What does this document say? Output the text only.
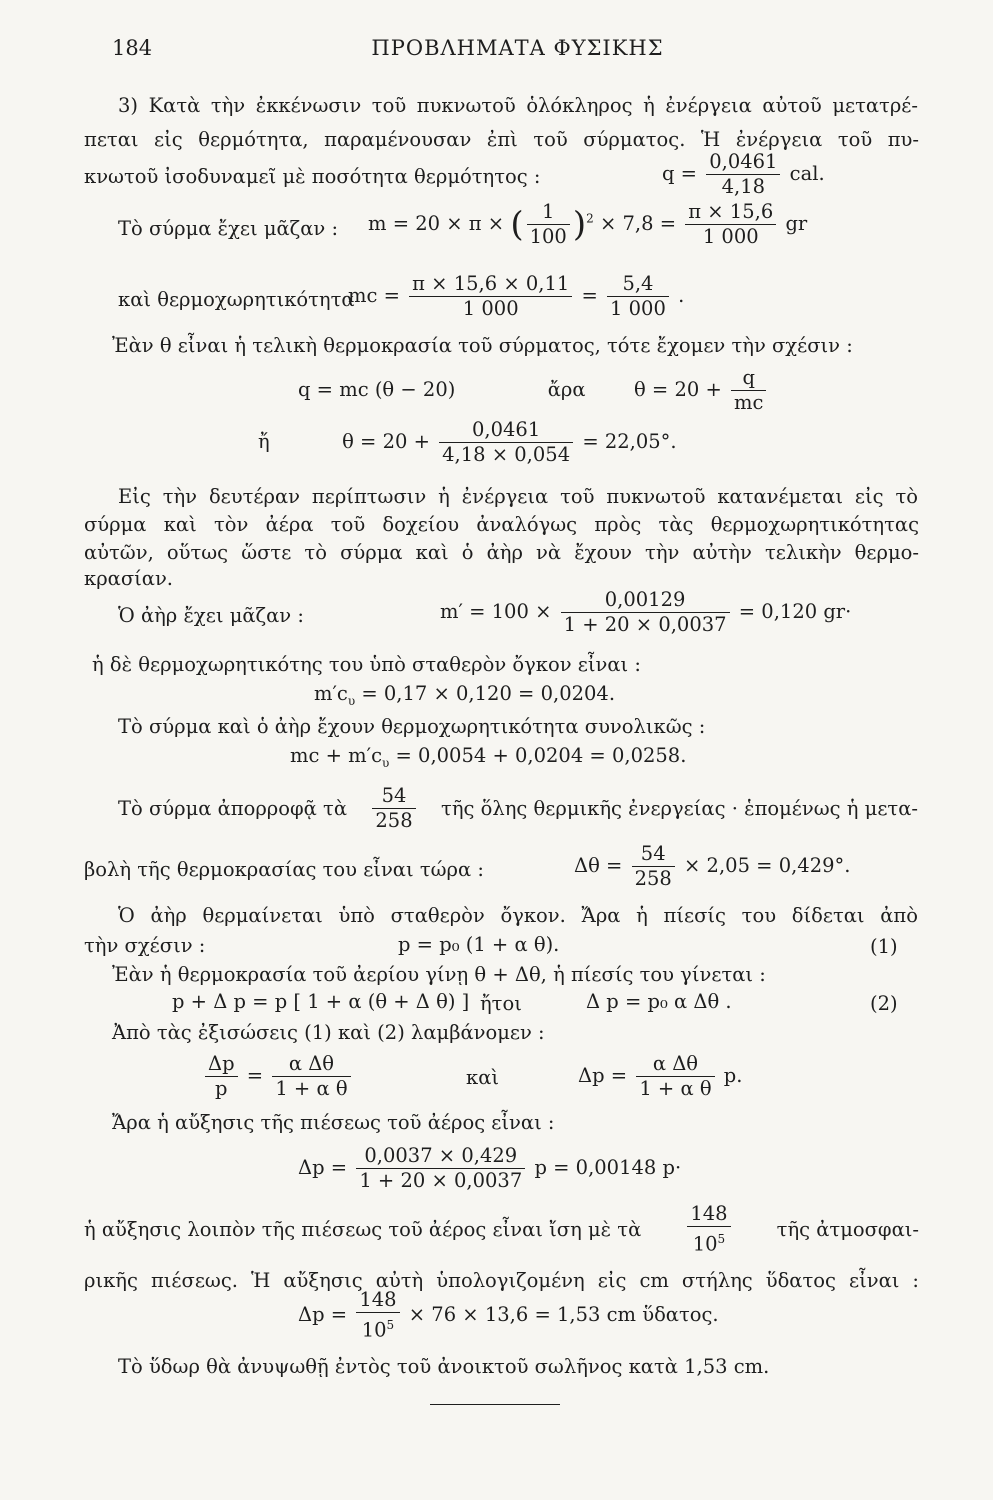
184	ΠΡΟΒΛΗΜΑΤΑ ΦΥΣΙΚΗΣ
3) Κατὰ τὴν ἐκκένωσιν τοῦ πυκνωτοῦ ὁλόκληρος ἡ ἐνέργεια αὐτοῦ μετατρέ-
πεται εἰς θερμότητα, παραμένουσαν ἐπὶ τοῦ σύρματος. Ἡ ἐνέργεια τοῦ πυ-
κνωτοῦ ἰσοδυναμεῖ μὲ ποσότητα θερμότητος :	$q = \frac{0,0461}{4,18}$ cal.
Τὸ σύρμα ἔχει μᾶζαν : m = 20 × π × ( $\frac{1}{100} )^2 \times 7,8 = \frac{\pi \times 15,6}{1 000}$ gr
καὶ θερμοχωρητικότητα
mc = $\frac{\pi \times 15,6 \times 0,11}{1 000} = \frac{5,4}{1 000}$ .
Ἐὰν θ εἶναι ἡ τελικὴ θερμοκρασία τοῦ σύρματος, τότε ἔχομεν τὴν σχέσιν :
q = mc (θ − 20)	ἄρα $\theta = 20 + \frac{q}{mc}$
ἤ	$\theta = 20 + \frac{0,0461}{4,18 \times 0,054} = 22,05^\circ$.
Εἰς τὴν δευτέραν περίπτωσιν ἡ ἐνέργεια τοῦ πυκνωτοῦ κατανέμεται εἰς τὸ
σύρμα καὶ τὸν ἀέρα τοῦ δοχείου ἀναλόγως πρὸς τὰς θερμοχωρητικότητας
αὐτῶν, οὕτως ὥστε τὸ σύρμα καὶ ὁ ἀὴρ νὰ ἔχουν τὴν αὐτὴν τελικὴν θερμο-
κρασίαν.
Ὁ ἀὴρ ἔχει μᾶζαν :	$m' = 100 \times \frac{0,00129}{1 + 20 \times 0,0037} = 0,120$ gr·
ἡ δὲ θερμοχωρητικότης του ὑπὸ σταθερὸν ὄγκον εἶναι :
$m'c_\upsilon = 0,17 \times 0,120 = 0,0204$.
Τὸ σύρμα καὶ ὁ ἀὴρ ἔχουν θερμοχωρητικότητα συνολικῶς :
mc + $m'c_\upsilon = 0,0054 + 0,0204 = 0,0258$.
Τὸ σύρμα ἀπορροφᾷ τὰ $\frac{54}{258}$ τῆς ὅλης θερμικῆς ἐνεργείας · ἑπομένως ἡ μετα-
βολὴ τῆς θερμοκρασίας του εἶναι τώρα :	$\Delta\theta = \frac{54}{258} \times 2,05 = 0,429^\circ$.
Ὁ ἀὴρ θερμαίνεται ὑπὸ σταθερὸν ὄγκον. Ἄρα ἡ πίεσίς του δίδεται ἀπὸ
τὴν σχέσιν :	p = p₀ (1 + α θ).	(1)
Ἐὰν ἡ θερμοκρασία τοῦ ἀερίου γίνῃ θ + Δθ, ἡ πίεσίς του γίνεται :
p + Δ p = p [ 1 + α (θ + Δ θ) ] ἤτοι	Δ p = p₀ α Δθ .	(2)
Ἀπὸ τὰς ἐξισώσεις (1) καὶ (2) λαμβάνομεν :
$\frac{\Delta p}{p} = \frac{\text{α Δθ}}{\text{1 + α θ}}$	καὶ	$\Delta p = \frac{\text{α Δθ}}{\text{1 + α θ}} p$.
Ἄρα ἡ αὔξησις τῆς πιέσεως τοῦ ἀέρος εἶναι :
$\Delta p = \frac{0,0037 \times 0,429}{1 + 20 \times 0,0037}$ p = 0,00148 p·
ἡ αὔξησις λοιπὸν τῆς πιέσεως τοῦ ἀέρος εἶναι ἴση μὲ τὰ $\frac{148}{10^5}$ τῆς ἀτμοσφαι-
ρικῆς πιέσεως. Ἡ αὔξησις αὐτὴ ὑπολογιζομένη εἰς cm στήλης ὕδατος εἶναι :
$\Delta p = \frac{148}{10^5} \times 76 \times 13,6 = 1,53$ cm ὕδατος.
Τὸ ὕδωρ θὰ ἀνυψωθῇ ἐντὸς τοῦ ἀνοικτοῦ σωλῆνος κατὰ 1,53 cm.
